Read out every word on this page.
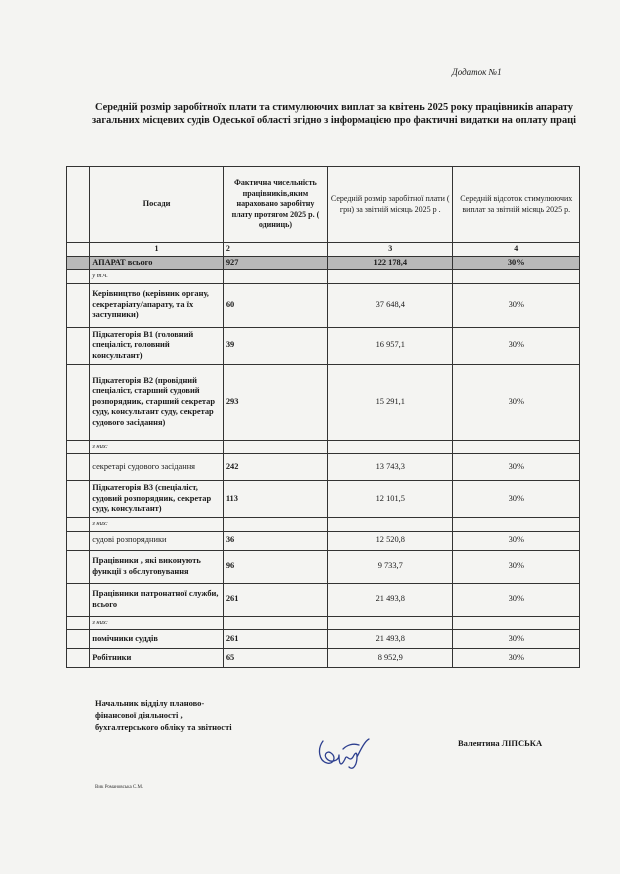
Додаток №1
Середній розмір заробітноїх плати та стимулюючих виплат за квітень 2025 року працівників апарату загальних місцевих судів Одеської області згідно з інформацією про фактичні видатки на оплату праці
	Посади	Фактична чисельність працівників,яким нараховано заробітну плату протягом 2025 р. ( одиниць)	Середній розмір заробітної плати ( грн) за звітній місяць 2025 р .	Середній відсоток стимулюючих виплат за звітній місяць 2025 р.
	1	2	3	4
	АПАРАТ всього	927	122 178,4	30%
	у т.ч.			
	Керівництво (керівник органу, секретаріату/апарату, та їх заступники)	60	37 648,4	30%
	Підкатегорія В1 (головний спеціаліст, головний консультант)	39	16 957,1	30%
	Підкатегорія В2 (провідний спеціаліст, старший судовий розпорядник, старший секретар суду, консультант суду, секретар судового засідання)	293	15 291,1	30%
	з них:			
	секретарі судового засідання	242	13 743,3	30%
	Підкатегорія В3 (спеціаліст, судовий розпорядник, секретар суду, консультант)	113	12 101,5	30%
	з них:			
	судові розпорядники	36	12 520,8	30%
	Працівники , які виконують функції з обслуговування	96	9 733,7	30%
	Працівники патронатної служби, всього	261	21 493,8	30%
	з них:			
	помічники суддів	261	21 493,8	30%
	Робітники	65	8 952,9	30%
Начальник відділу планово-фінансової діяльності , бухгалтерського обліку та звітності
Валентина ЛІПСЬКА
Вик Романовська С.М.
